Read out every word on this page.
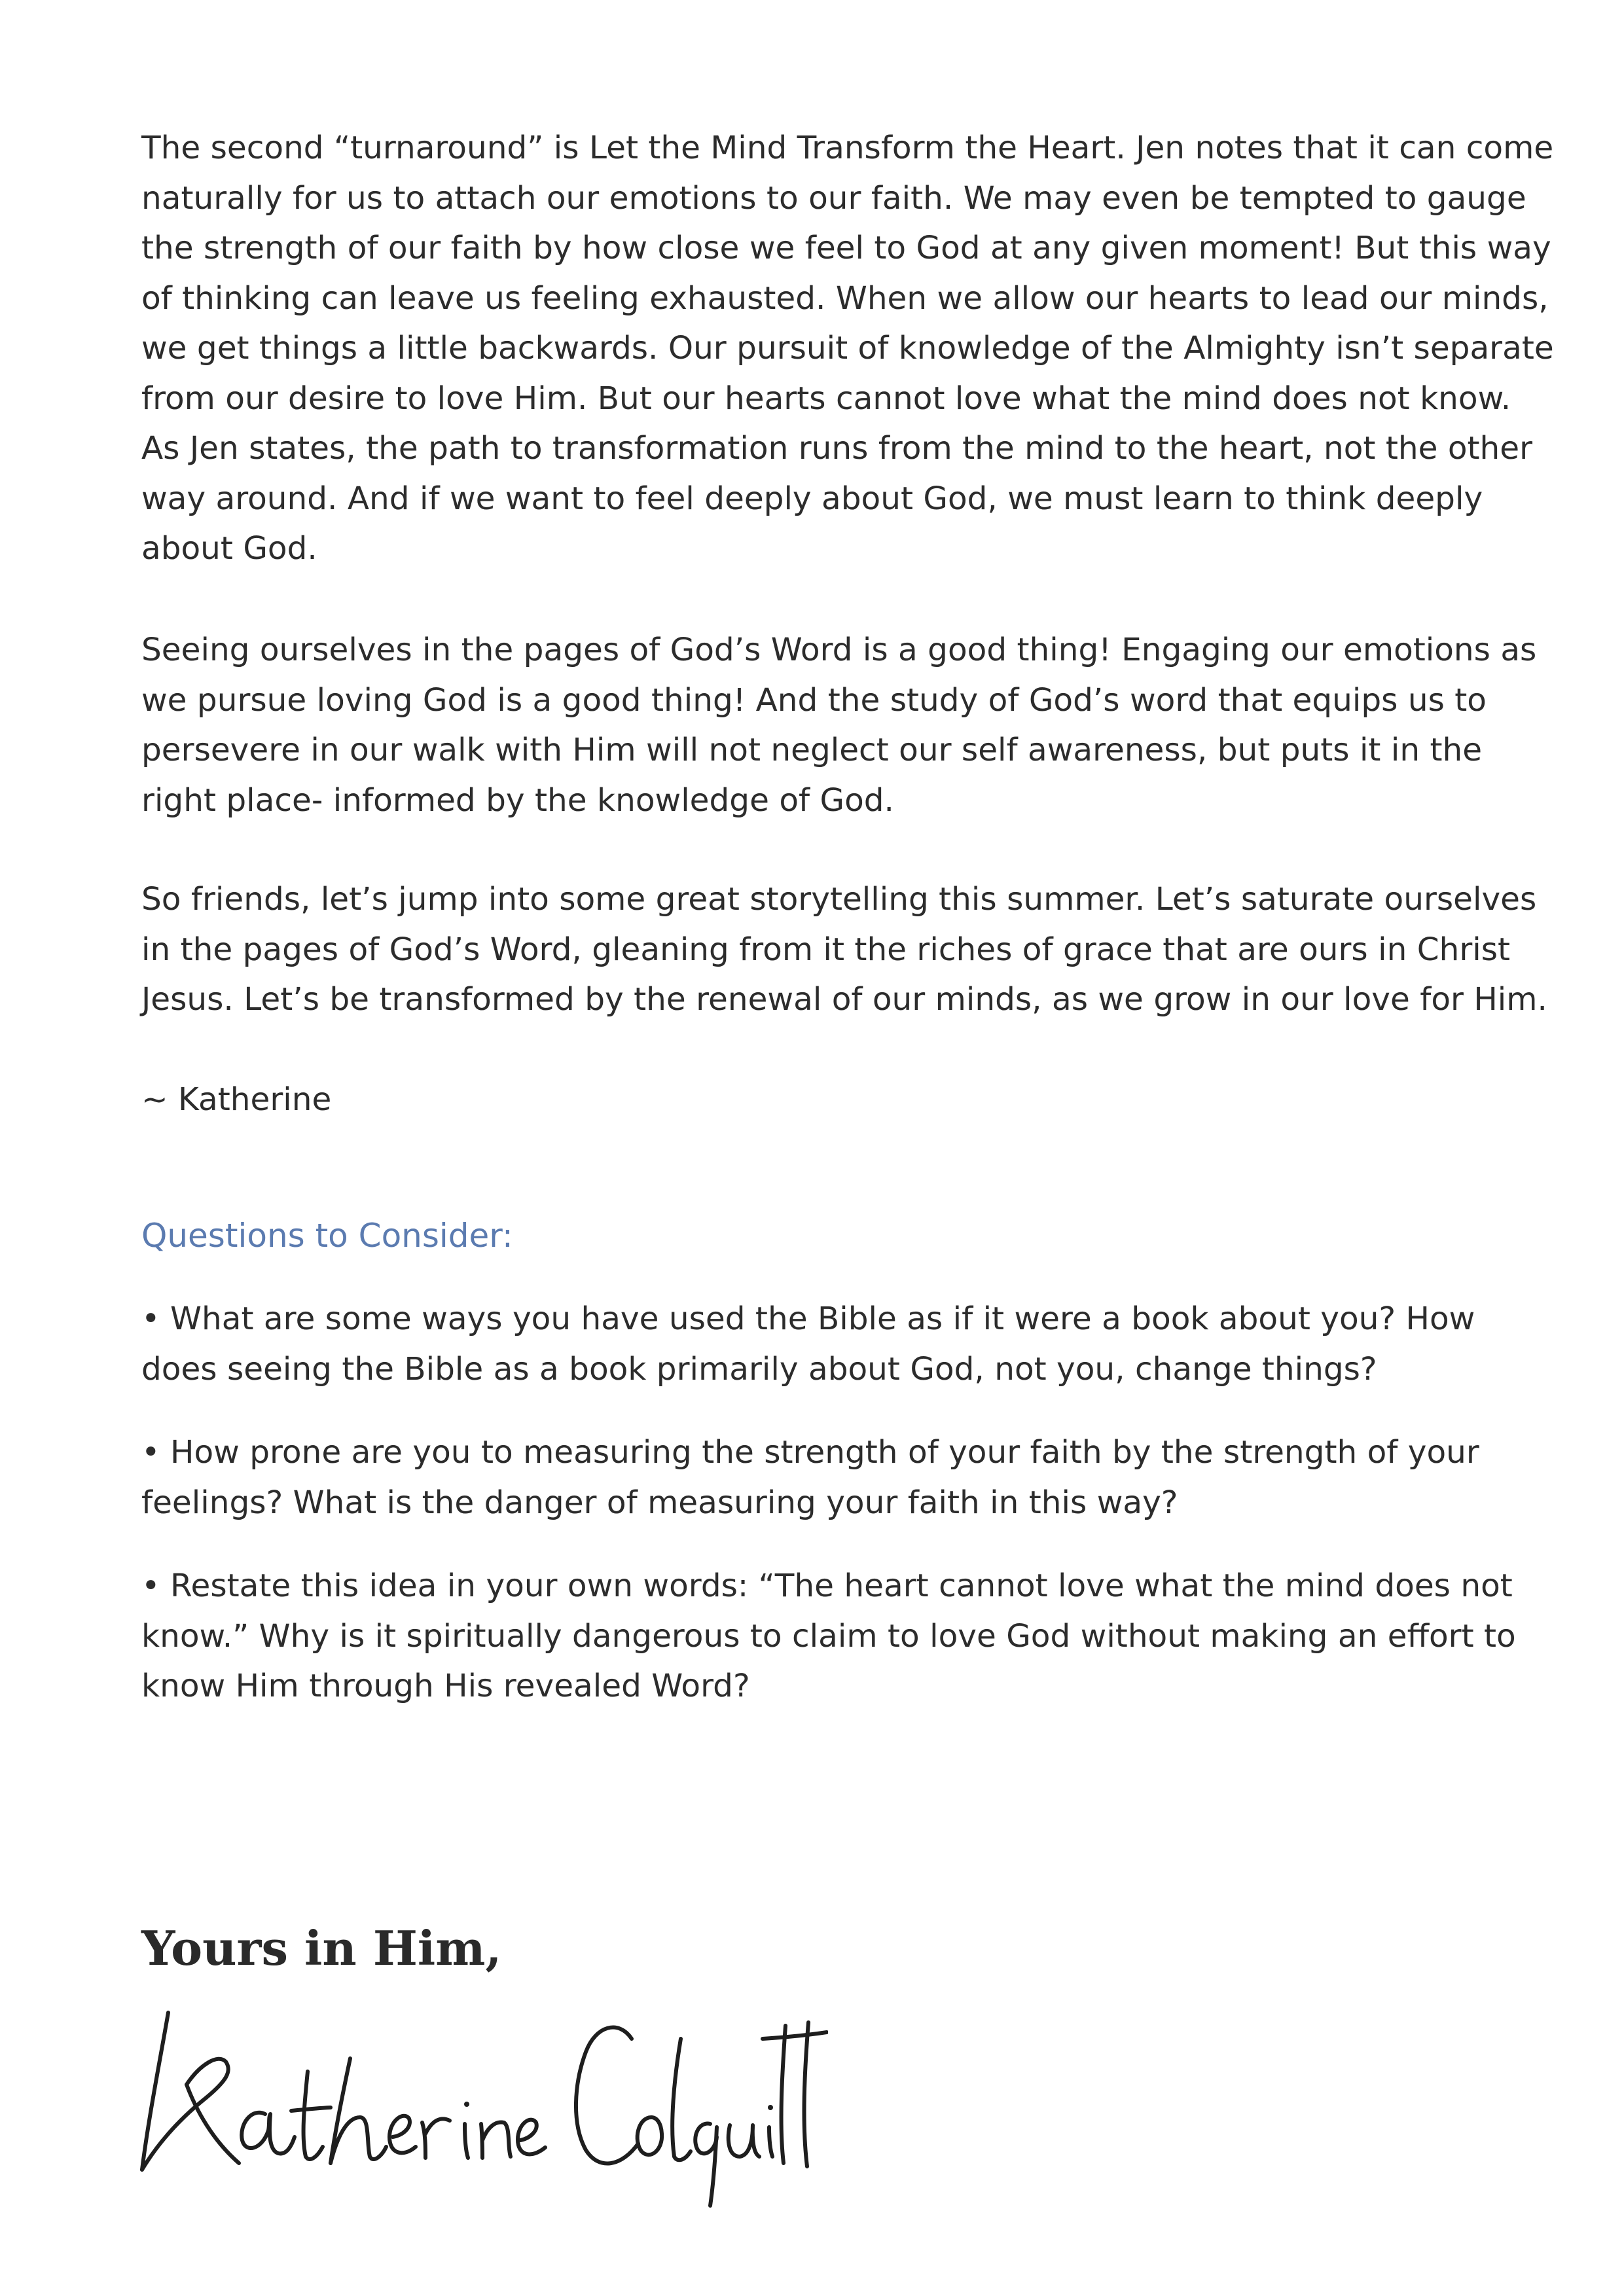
The second “turnaround” is Let the Mind Transform the Heart. Jen notes that it can come naturally for us to attach our emotions to our faith. We may even be tempted to gauge the strength of our faith by how close we feel to God at any given moment! But this way of thinking can leave us feeling exhausted. When we allow our hearts to lead our minds, we get things a little backwards. Our pursuit of knowledge of the Almighty isn’t separate from our desire to love Him. But our hearts cannot love what the mind does not know. As Jen states, the path to transformation runs from the mind to the heart, not the other way around. And if we want to feel deeply about God, we must learn to think deeply about God.

Seeing ourselves in the pages of God’s Word is a good thing! Engaging our emotions as we pursue loving God is a good thing! And the study of God’s word that equips us to persevere in our walk with Him will not neglect our self awareness, but puts it in the right place- informed by the knowledge of God.

So friends, let’s jump into some great storytelling this summer. Let’s saturate ourselves in the pages of God’s Word, gleaning from it the riches of grace that are ours in Christ Jesus. Let’s be transformed by the renewal of our minds, as we grow in our love for Him.

~ Katherine

Questions to Consider:

• What are some ways you have used the Bible as if it were a book about you? How does seeing the Bible as a book primarily about God, not you, change things?

• How prone are you to measuring the strength of your faith by the strength of your feelings? What is the danger of measuring your faith in this way?

• Restate this idea in your own words: “The heart cannot love what the mind does not know.” Why is it spiritually dangerous to claim to love God without making an effort to know Him through His revealed Word?

Yours in Him,
